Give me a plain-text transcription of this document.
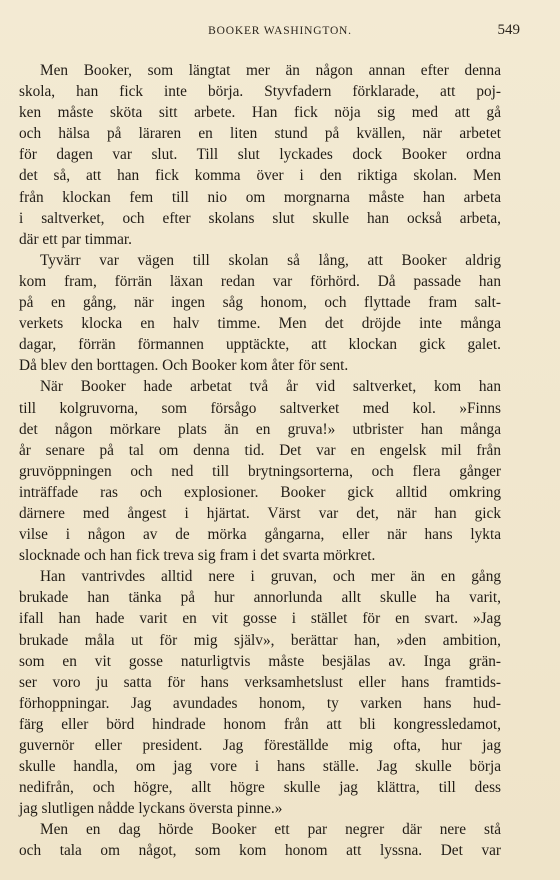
BOOKER WASHINGTON.	549
Men Booker, som längtat mer än någon annan efter denna
skola, han fick inte börja. Styvfadern förklarade, att poj-
ken måste sköta sitt arbete. Han fick nöja sig med att gå
och hälsa på läraren en liten stund på kvällen, när arbetet
för dagen var slut. Till slut lyckades dock Booker ordna
det så, att han fick komma över i den riktiga skolan. Men
från klockan fem till nio om morgnarna måste han arbeta
i saltverket, och efter skolans slut skulle han också arbeta,
där ett par timmar.
Tyvärr var vägen till skolan så lång, att Booker aldrig
kom fram, förrän läxan redan var förhörd. Då passade han
på en gång, när ingen såg honom, och flyttade fram salt-
verkets klocka en halv timme. Men det dröjde inte många
dagar, förrän förmannen upptäckte, att klockan gick galet.
Då blev den borttagen. Och Booker kom åter för sent.
När Booker hade arbetat två år vid saltverket, kom han
till kolgruvorna, som försågo saltverket med kol. »Finns
det någon mörkare plats än en gruva!» utbrister han många
år senare på tal om denna tid. Det var en engelsk mil från
gruvöppningen och ned till brytningsorterna, och flera gånger
inträffade ras och explosioner. Booker gick alltid omkring
därnere med ångest i hjärtat. Värst var det, när han gick
vilse i någon av de mörka gångarna, eller när hans lykta
slocknade och han fick treva sig fram i det svarta mörkret.
Han vantrivdes alltid nere i gruvan, och mer än en gång
brukade han tänka på hur annorlunda allt skulle ha varit,
ifall han hade varit en vit gosse i stället för en svart. »Jag
brukade måla ut för mig själv», berättar han, »den ambition,
som en vit gosse naturligtvis måste besjälas av. Inga grän-
ser voro ju satta för hans verksamhetslust eller hans framtids-
förhoppningar. Jag avundades honom, ty varken hans hud-
färg eller börd hindrade honom från att bli kongressledamot,
guvernör eller president. Jag föreställde mig ofta, hur jag
skulle handla, om jag vore i hans ställe. Jag skulle börja
nedifrån, och högre, allt högre skulle jag klättra, till dess
jag slutligen nådde lyckans översta pinne.»
Men en dag hörde Booker ett par negrer där nere stå
och tala om något, som kom honom att lyssna. Det var
